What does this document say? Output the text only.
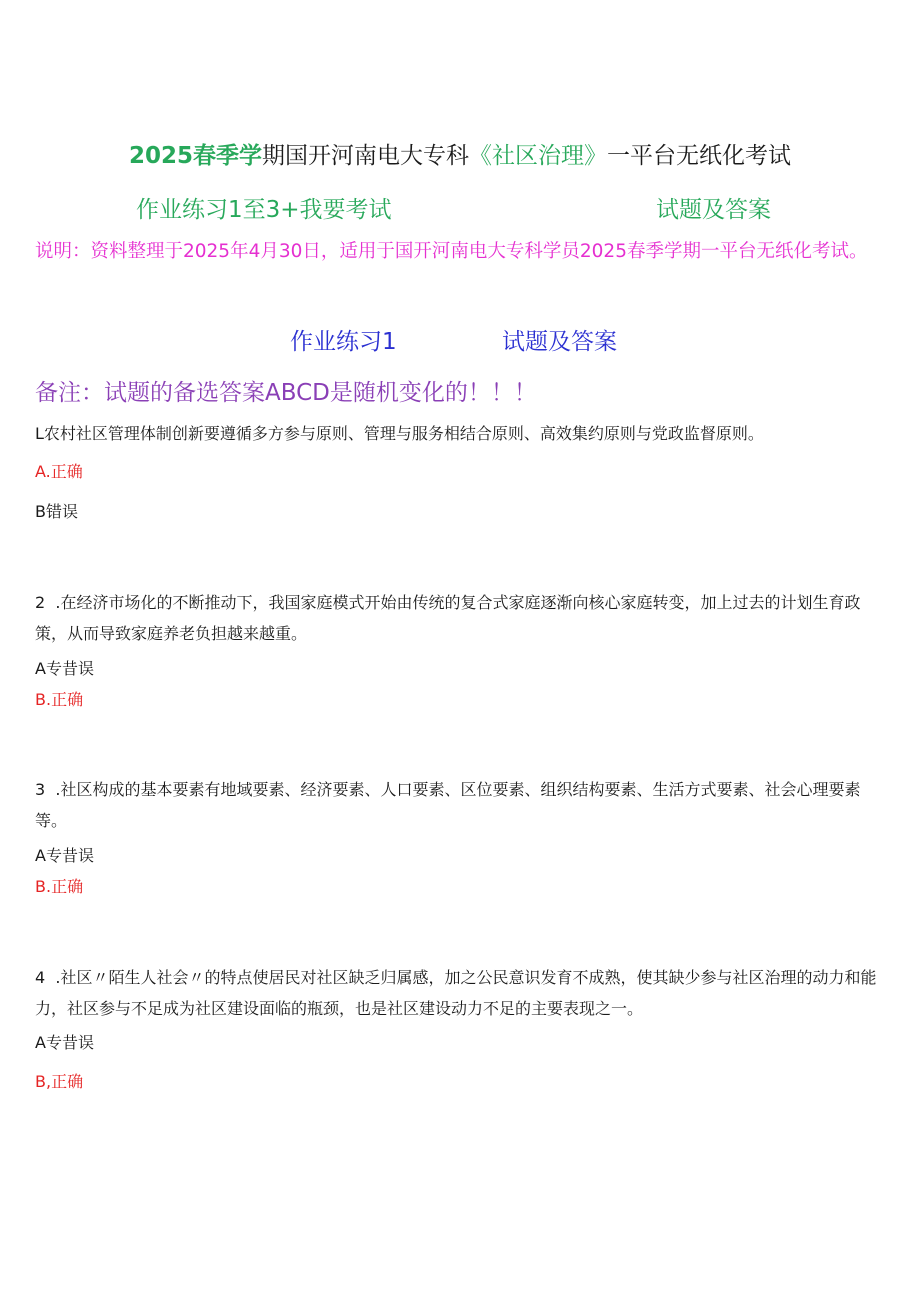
2025春季学期国开河南电大专科《社区治理》一平台无纸化考试
作业练习1至3+我要考试	试题及答案
说明：资料整理于2025年4月30日，适用于国开河南电大专科学员2025春季学期一平台无纸化考试。
作业练习1	试题及答案
备注：试题的备选答案ABCD是随机变化的！！！
L农村社区管理体制创新要遵循多方参与原则、管理与服务相结合原则、高效集约原则与党政监督原则。
A.正确
B错误
2  .在经济市场化的不断推动下，我国家庭模式开始由传统的复合式家庭逐渐向核心家庭转变，加上过去的计划生育政策，从而导致家庭养老负担越来越重。
A专昔误
B.正确
3  .社区构成的基本要素有地域要素、经济要素、人口要素、区位要素、组织结构要素、生活方式要素、社会心理要素等。
A专昔误
B.正确
4  .社区〃陌生人社会〃的特点使居民对社区缺乏归属感，加之公民意识发育不成熟，使其缺少参与社区治理的动力和能力，社区参与不足成为社区建设面临的瓶颈，也是社区建设动力不足的主要表现之一。
A专昔误
B,正确
